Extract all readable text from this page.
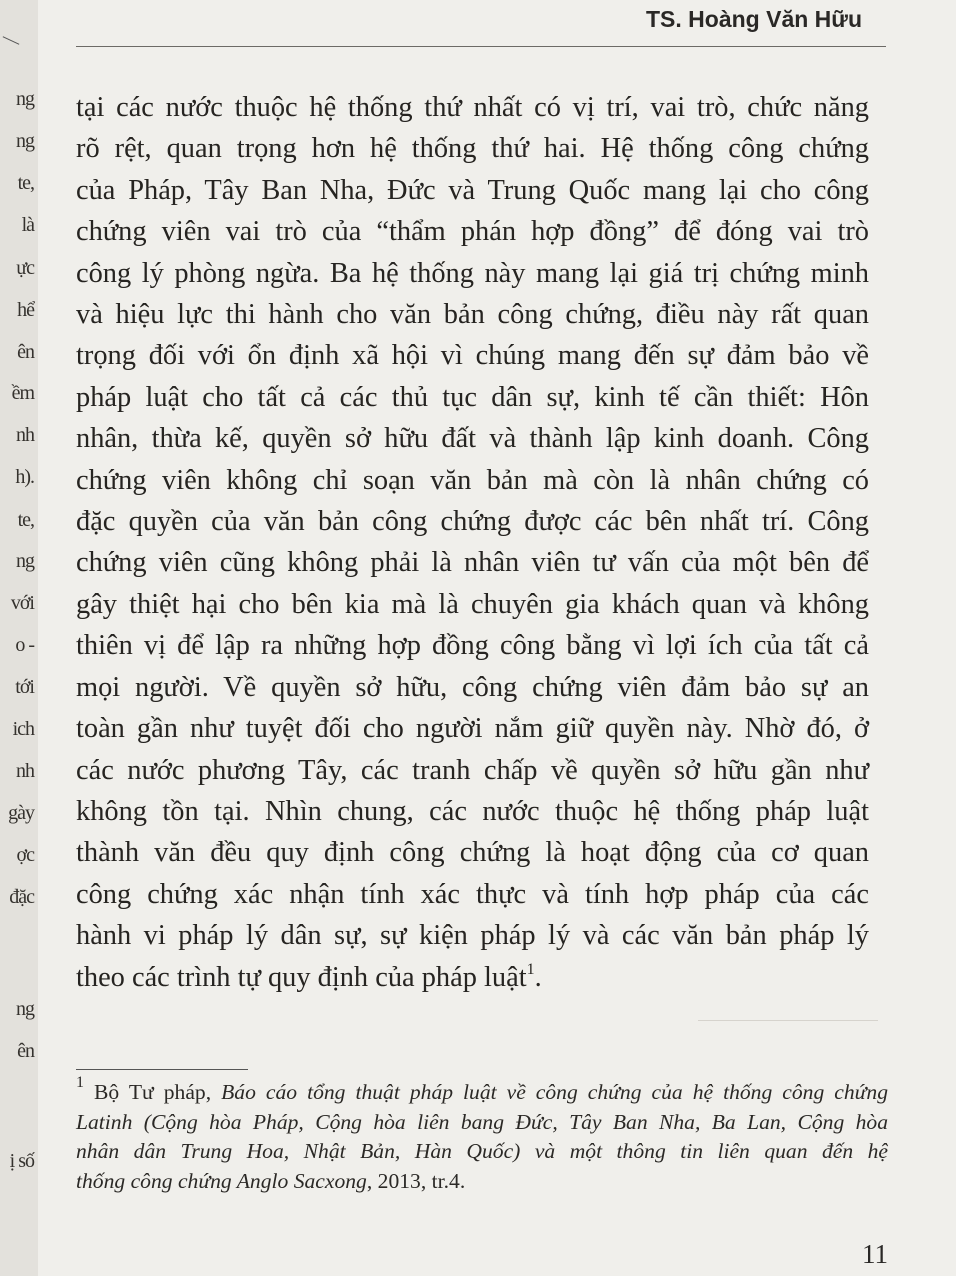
ng
ng
te,
là
ực
hể
ên
ềm
nh
h).
te,
ng
với
o -
tới
ich
nh
gày
ợc
đặc
ng
ên
ị số
TS. Hoàng Văn Hữu
tại các nước thuộc hệ thống thứ nhất có vị trí, vai trò, chức năng
rõ rệt, quan trọng hơn hệ thống thứ hai. Hệ thống công chứng
của Pháp, Tây Ban Nha, Đức và Trung Quốc mang lại cho công
chứng viên vai trò của “thẩm phán hợp đồng” để đóng vai trò
công lý phòng ngừa. Ba hệ thống này mang lại giá trị chứng minh
và hiệu lực thi hành cho văn bản công chứng, điều này rất quan
trọng đối với ổn định xã hội vì chúng mang đến sự đảm bảo về
pháp luật cho tất cả các thủ tục dân sự, kinh tế cần thiết: Hôn
nhân, thừa kế, quyền sở hữu đất và thành lập kinh doanh. Công
chứng viên không chỉ soạn văn bản mà còn là nhân chứng có
đặc quyền của văn bản công chứng được các bên nhất trí. Công
chứng viên cũng không phải là nhân viên tư vấn của một bên để
gây thiệt hại cho bên kia mà là chuyên gia khách quan và không
thiên vị để lập ra những hợp đồng công bằng vì lợi ích của tất cả
mọi người. Về quyền sở hữu, công chứng viên đảm bảo sự an
toàn gần như tuyệt đối cho người nắm giữ quyền này. Nhờ đó, ở
các nước phương Tây, các tranh chấp về quyền sở hữu gần như
không tồn tại. Nhìn chung, các nước thuộc hệ thống pháp luật
thành văn đều quy định công chứng là hoạt động của cơ quan
công chứng xác nhận tính xác thực và tính hợp pháp của các
hành vi pháp lý dân sự, sự kiện pháp lý và các văn bản pháp lý
theo các trình tự quy định của pháp luật$^1$.
$^1$ Bộ Tư pháp, Báo cáo tổng thuật pháp luật về công chứng của hệ thống công chứng
Latinh (Cộng hòa Pháp, Cộng hòa liên bang Đức, Tây Ban Nha, Ba Lan, Cộng hòa
nhân dân Trung Hoa, Nhật Bản, Hàn Quốc) và một thông tin liên quan đến hệ
thống công chứng Anglo Sacxong, 2013, tr.4.
11
